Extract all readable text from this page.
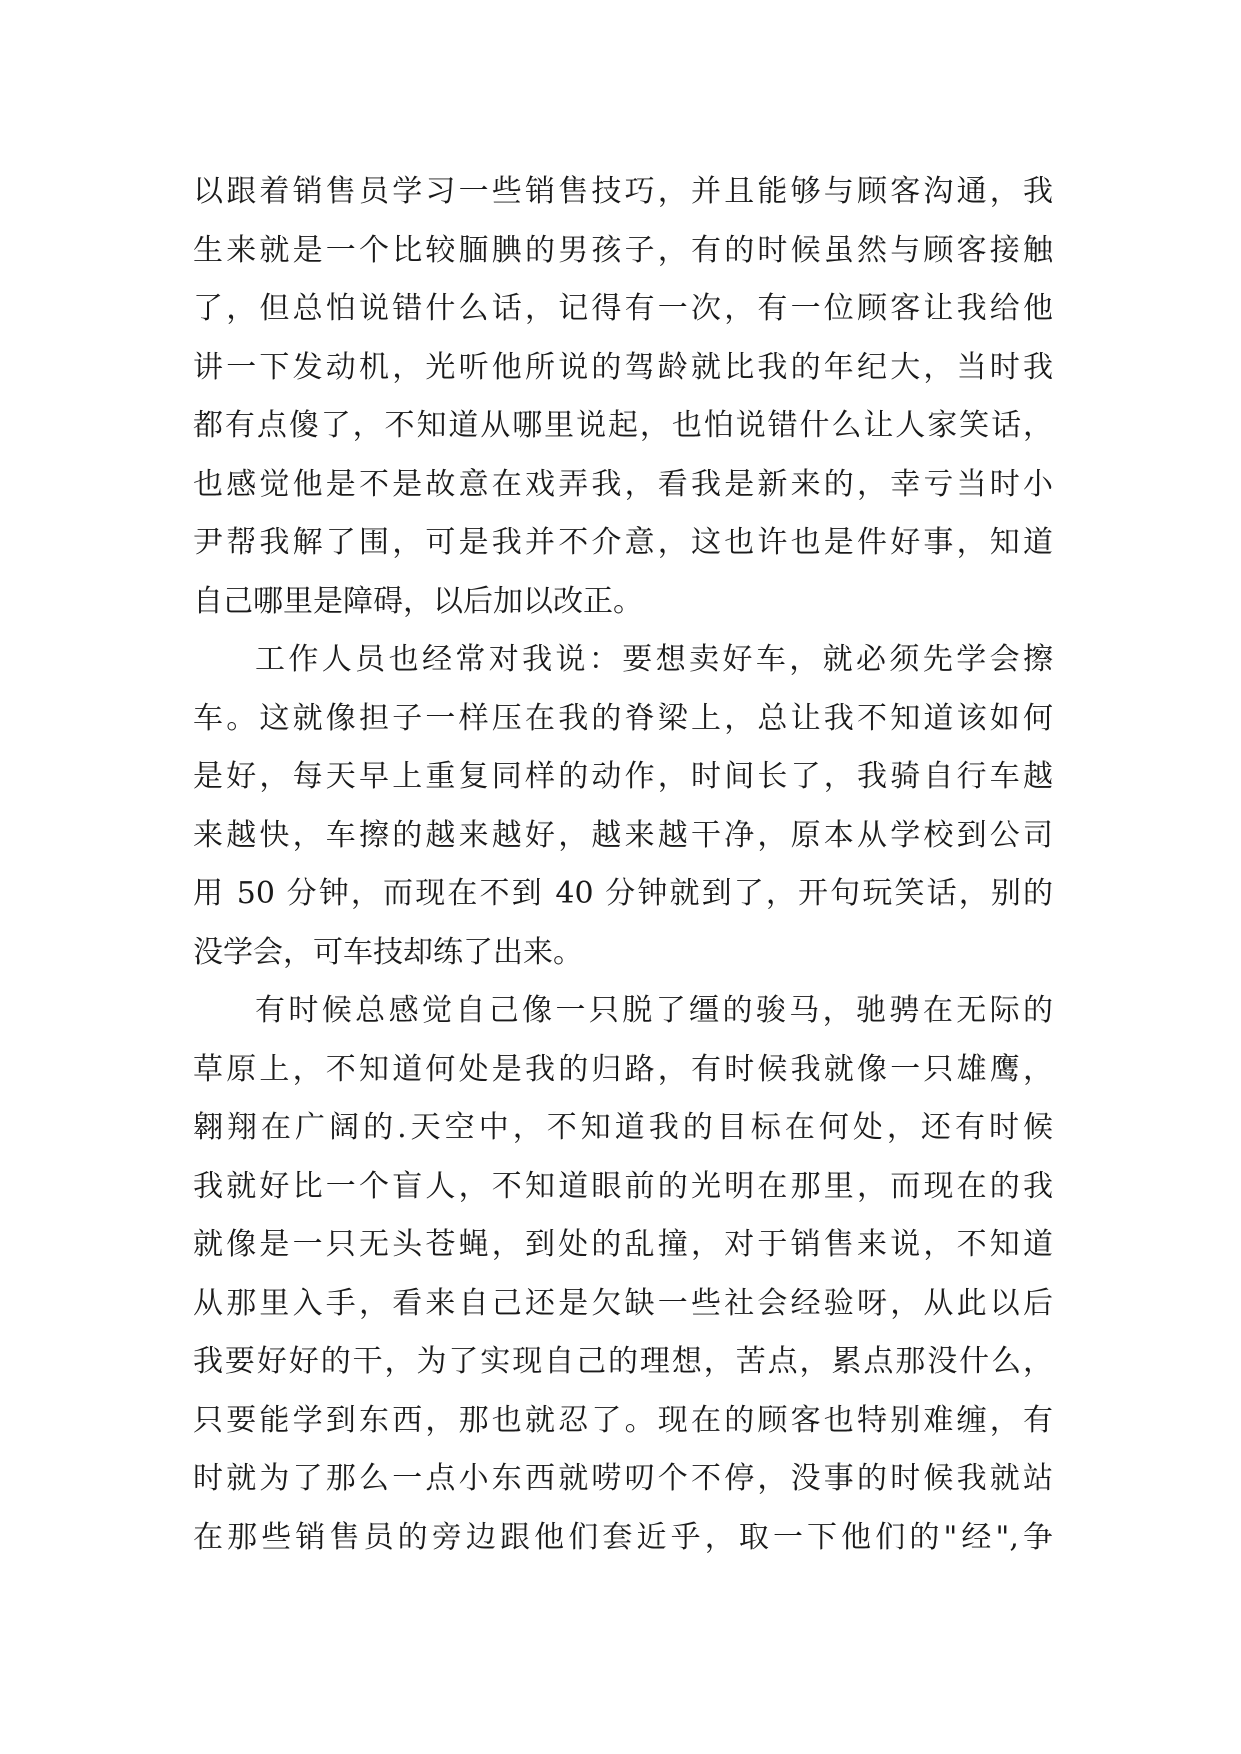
以跟着销售员学习一些销售技巧，并且能够与顾客沟通，我
生来就是一个比较腼腆的男孩子，有的时候虽然与顾客接触
了，但总怕说错什么话，记得有一次，有一位顾客让我给他
讲一下发动机，光听他所说的驾龄就比我的年纪大，当时我
都有点傻了，不知道从哪里说起，也怕说错什么让人家笑话，
也感觉他是不是故意在戏弄我，看我是新来的，幸亏当时小
尹帮我解了围，可是我并不介意，这也许也是件好事，知道
自己哪里是障碍，以后加以改正。
工作人员也经常对我说：要想卖好车，就必须先学会擦
车。这就像担子一样压在我的脊梁上，总让我不知道该如何
是好，每天早上重复同样的动作，时间长了，我骑自行车越
来越快，车擦的越来越好，越来越干净，原本从学校到公司
用 50 分钟，而现在不到 40 分钟就到了，开句玩笑话，别的
没学会，可车技却练了出来。
有时候总感觉自己像一只脱了缰的骏马，驰骋在无际的
草原上，不知道何处是我的归路，有时候我就像一只雄鹰，
翱翔在广阔的.天空中，不知道我的目标在何处，还有时候
我就好比一个盲人，不知道眼前的光明在那里，而现在的我
就像是一只无头苍蝇，到处的乱撞，对于销售来说，不知道
从那里入手，看来自己还是欠缺一些社会经验呀，从此以后
我要好好的干，为了实现自己的理想，苦点，累点那没什么，
只要能学到东西，那也就忍了。现在的顾客也特别难缠，有
时就为了那么一点小东西就唠叨个不停，没事的时候我就站
在那些销售员的旁边跟他们套近乎，取一下他们的"经",争
